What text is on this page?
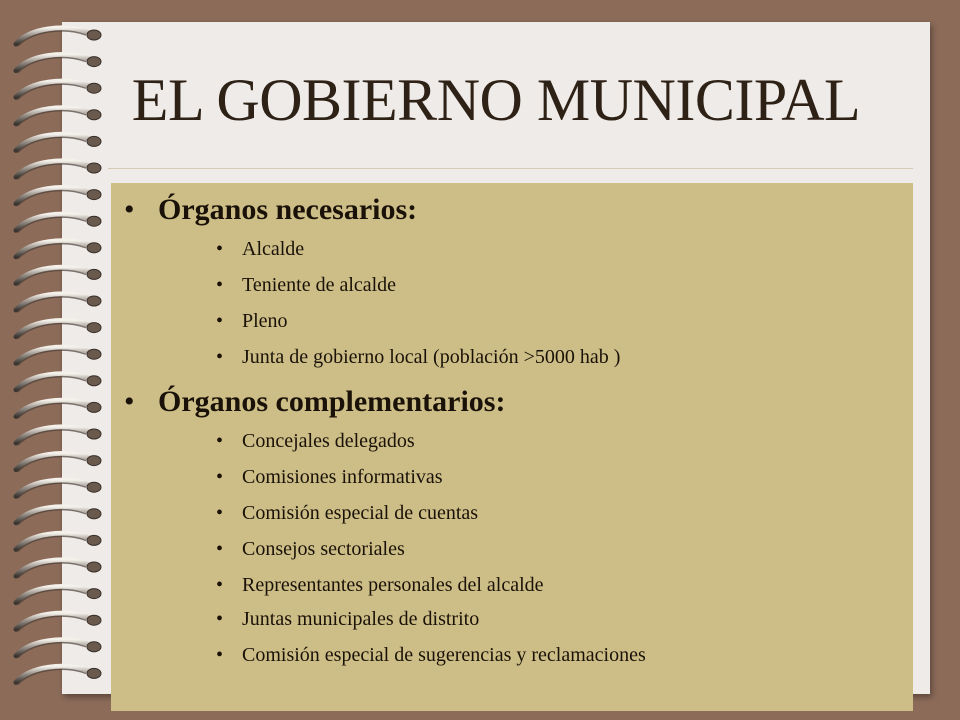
EL GOBIERNO MUNICIPAL
• Órganos necesarios:
• Alcalde
• Teniente de alcalde
• Pleno
• Junta de gobierno local (población >5000 hab )
• Órganos complementarios:
• Concejales delegados
• Comisiones informativas
• Comisión especial de cuentas
• Consejos sectoriales
• Representantes personales del alcalde
• Juntas municipales de distrito
• Comisión especial de sugerencias y reclamaciones
